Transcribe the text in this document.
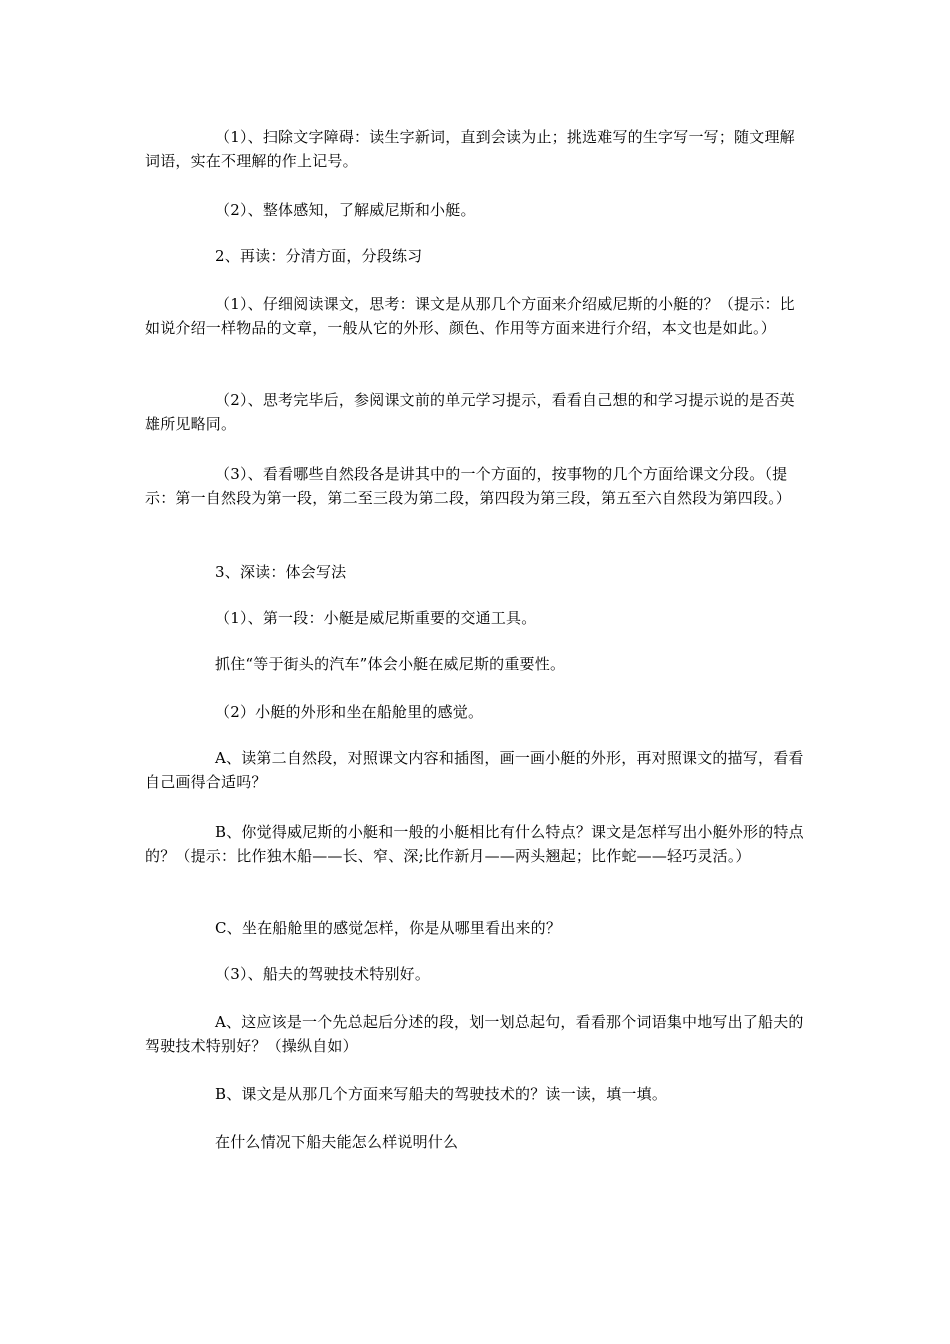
（1）、扫除文字障碍：读生字新词，直到会读为止；挑选难写的生字写一写；随文理解词语，实在不理解的作上记号。

（2）、整体感知，了解威尼斯和小艇。

2、再读：分清方面，分段练习

（1）、仔细阅读课文，思考：课文是从那几个方面来介绍威尼斯的小艇的？（提示：比如说介绍一样物品的文章，一般从它的外形、颜色、作用等方面来进行介绍，本文也是如此。）

（2）、思考完毕后，参阅课文前的单元学习提示，看看自己想的和学习提示说的是否英雄所见略同。

（3）、看看哪些自然段各是讲其中的一个方面的，按事物的几个方面给课文分段。（提示：第一自然段为第一段，第二至三段为第二段，第四段为第三段，第五至六自然段为第四段。）

3、深读：体会写法

（1）、第一段：小艇是威尼斯重要的交通工具。

抓住“等于街头的汽车”体会小艇在威尼斯的重要性。

（2）小艇的外形和坐在船舱里的感觉。

A、读第二自然段，对照课文内容和插图，画一画小艇的外形，再对照课文的描写，看看自己画得合适吗？

B、你觉得威尼斯的小艇和一般的小艇相比有什么特点？课文是怎样写出小艇外形的特点的？（提示：比作独木船——长、窄、深;比作新月——两头翘起；比作蛇——轻巧灵活。）

C、坐在船舱里的感觉怎样，你是从哪里看出来的？

（3）、船夫的驾驶技术特别好。

A、这应该是一个先总起后分述的段，划一划总起句，看看那个词语集中地写出了船夫的驾驶技术特别好？（操纵自如）

B、课文是从那几个方面来写船夫的驾驶技术的？读一读，填一填。

在什么情况下船夫能怎么样说明什么
